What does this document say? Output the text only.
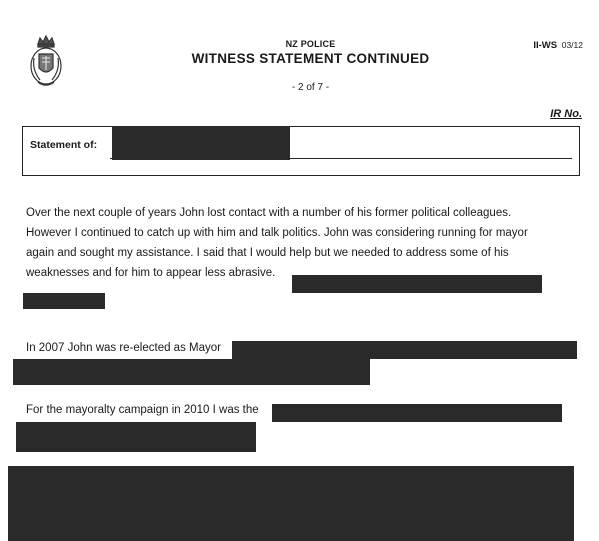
NZ POLICE
WITNESS STATEMENT CONTINUED
II-WS 03/12
- 2 of 7 -
IR No.
Statement of:
Over the next couple of years John lost contact with a number of his former political colleagues.
However I continued to catch up with him and talk politics. John was considering running for mayor
again and sought my assistance. I said that I would help but we needed to address some of his
weaknesses and for him to appear less abrasive.
In 2007 John was re-elected as Mayor
For the mayoralty campaign in 2010 I was the
